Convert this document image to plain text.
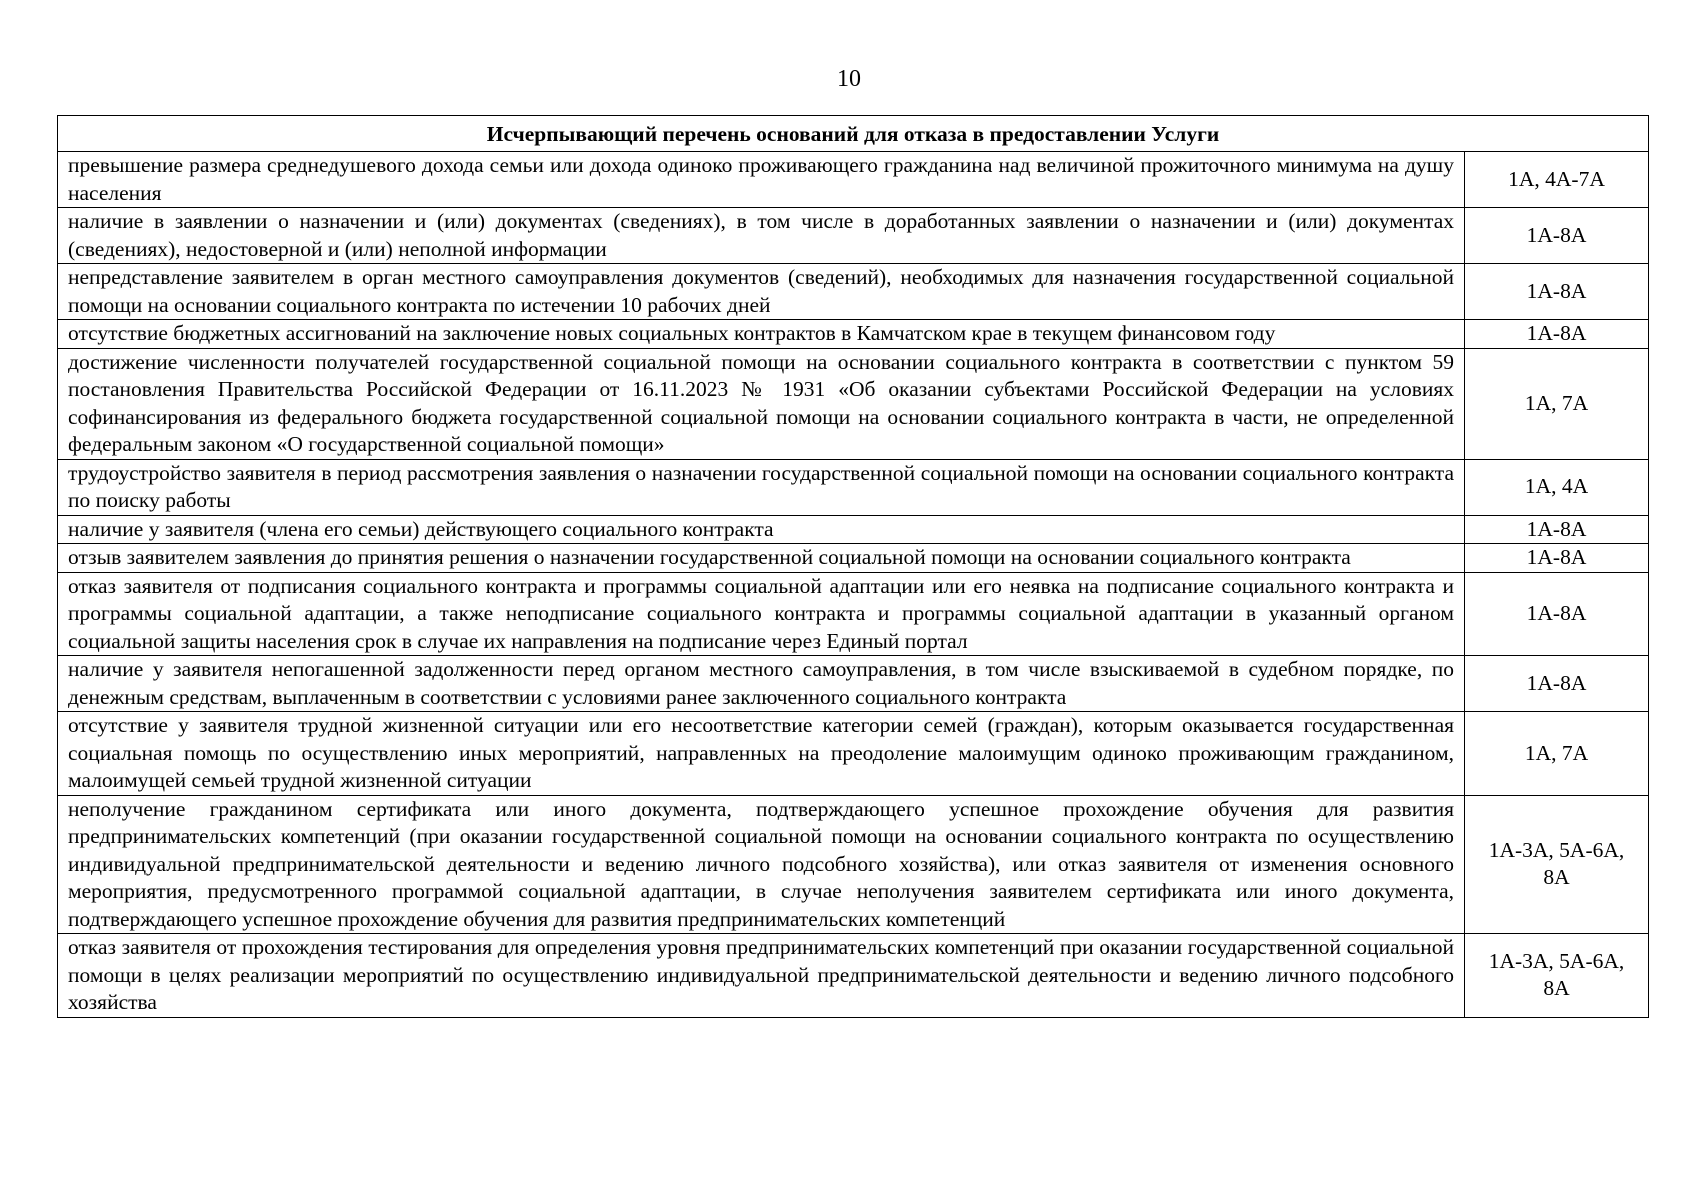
10
Исчерпывающий перечень оснований для отказа в предоставлении Услуги	
превышение размера среднедушевого дохода семьи или дохода одиноко проживающего гражданина над величиной прожиточного минимума на душу населения	1А, 4А-7А
наличие в заявлении о назначении и (или) документах (сведениях), в том числе в доработанных заявлении о назначении и (или) документах (сведениях), недостоверной и (или) неполной информации	1А-8А
непредставление заявителем в орган местного самоуправления документов (сведений), необходимых для назначения государственной социальной помощи на основании социального контракта по истечении 10 рабочих дней	1А-8А
отсутствие бюджетных ассигнований на заключение новых социальных контрактов в Камчатском крае в текущем финансовом году	1А-8А
достижение численности получателей государственной социальной помощи на основании социального контракта в соответствии с пунктом 59 постановления Правительства Российской Федерации от 16.11.2023 № 1931 «Об оказании субъектами Российской Федерации на условиях софинансирования из федерального бюджета государственной социальной помощи на основании социального контракта в части, не определенной федеральным законом «О государственной социальной помощи»	1А, 7А
трудоустройство заявителя в период рассмотрения заявления о назначении государственной социальной помощи на основании социального контракта по поиску работы	1А, 4А
наличие у заявителя (члена его семьи) действующего социального контракта	1А-8А
отзыв заявителем заявления до принятия решения о назначении государственной социальной помощи на основании социального контракта	1А-8А
отказ заявителя от подписания социального контракта и программы социальной адаптации или его неявка на подписание социального контракта и программы социальной адаптации, а также неподписание социального контракта и программы социальной адаптации в указанный органом социальной защиты населения срок в случае их направления на подписание через Единый портал	1А-8А
наличие у заявителя непогашенной задолженности перед органом местного самоуправления, в том числе взыскиваемой в судебном порядке, по денежным средствам, выплаченным в соответствии с условиями ранее заключенного социального контракта	1А-8А
отсутствие у заявителя трудной жизненной ситуации или его несоответствие категории семей (граждан), которым оказывается государственная социальная помощь по осуществлению иных мероприятий, направленных на преодоление малоимущим одиноко проживающим гражданином, малоимущей семьей трудной жизненной ситуации	1А, 7А
неполучение гражданином сертификата или иного документа, подтверждающего успешное прохождение обучения для развития предпринимательских компетенций (при оказании государственной социальной помощи на основании социального контракта по осуществлению индивидуальной предпринимательской деятельности и ведению личного подсобного хозяйства), или отказ заявителя от изменения основного мероприятия, предусмотренного программой социальной адаптации, в случае неполучения заявителем сертификата или иного документа, подтверждающего успешное прохождение обучения для развития предпринимательских компетенций	1А-3А, 5А-6А, 8А
отказ заявителя от прохождения тестирования для определения уровня предпринимательских компетенций при оказании государственной социальной помощи в целях реализации мероприятий по осуществлению индивидуальной предпринимательской деятельности и ведению личного подсобного хозяйства	1А-3А, 5А-6А, 8А
